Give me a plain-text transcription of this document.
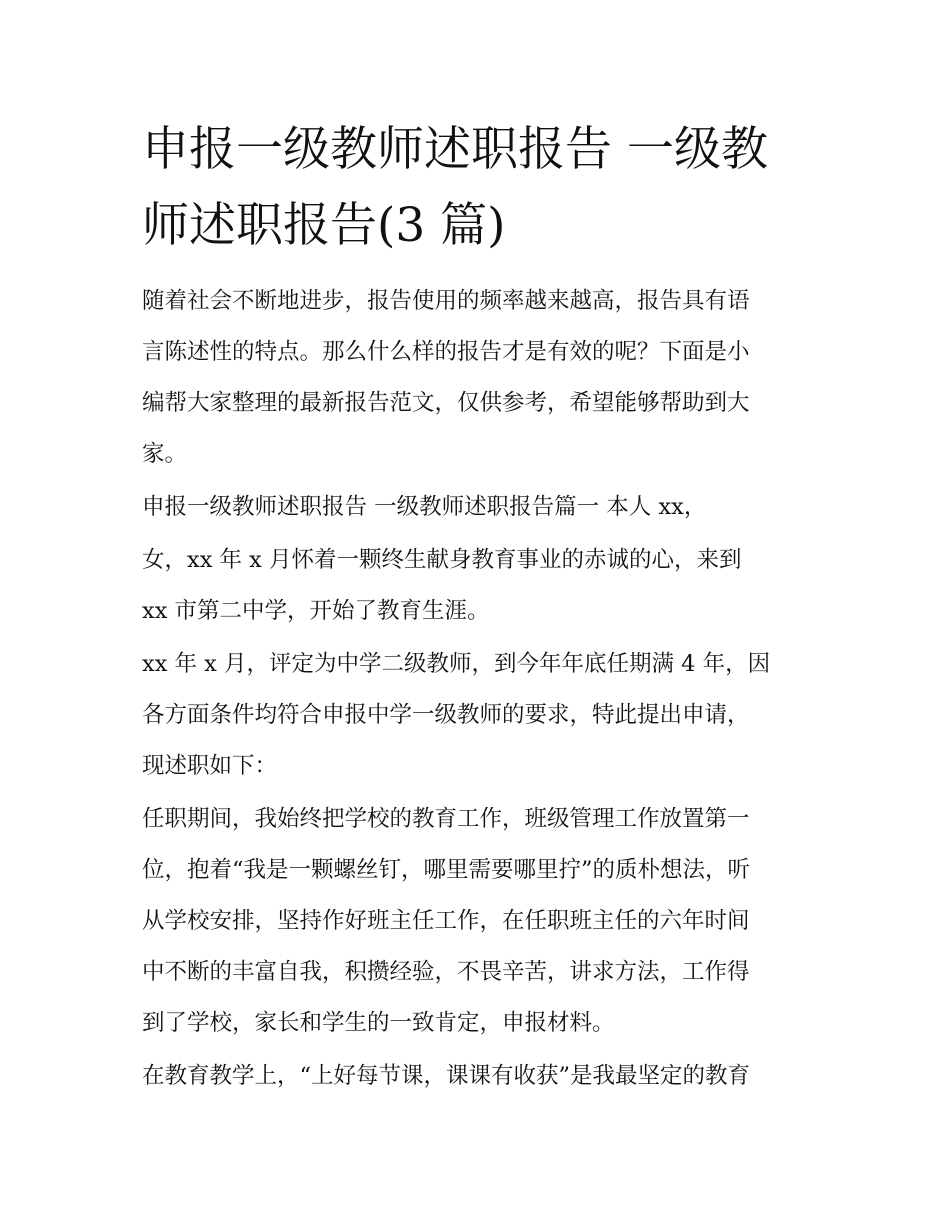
申报一级教师述职报告 一级教
师述职报告(3 篇)

随着社会不断地进步，报告使用的频率越来越高，报告具有语
言陈述性的特点。那么什么样的报告才是有效的呢？下面是小
编帮大家整理的最新报告范文，仅供参考，希望能够帮助到大
家。

申报一级教师述职报告 一级教师述职报告篇一 本人 xx，

女，xx 年 x 月怀着一颗终生献身教育事业的赤诚的心，来到
xx 市第二中学，开始了教育生涯。

xx 年 x 月，评定为中学二级教师，到今年年底任期满 4 年，因
各方面条件均符合申报中学一级教师的要求，特此提出申请，
现述职如下：

任职期间，我始终把学校的教育工作，班级管理工作放置第一
位，抱着“我是一颗螺丝钉，哪里需要哪里拧”的质朴想法，听
从学校安排，坚持作好班主任工作，在任职班主任的六年时间
中不断的丰富自我，积攒经验，不畏辛苦，讲求方法，工作得
到了学校，家长和学生的一致肯定，申报材料。

在教育教学上，“上好每节课，课课有收获”是我最坚定的教育
